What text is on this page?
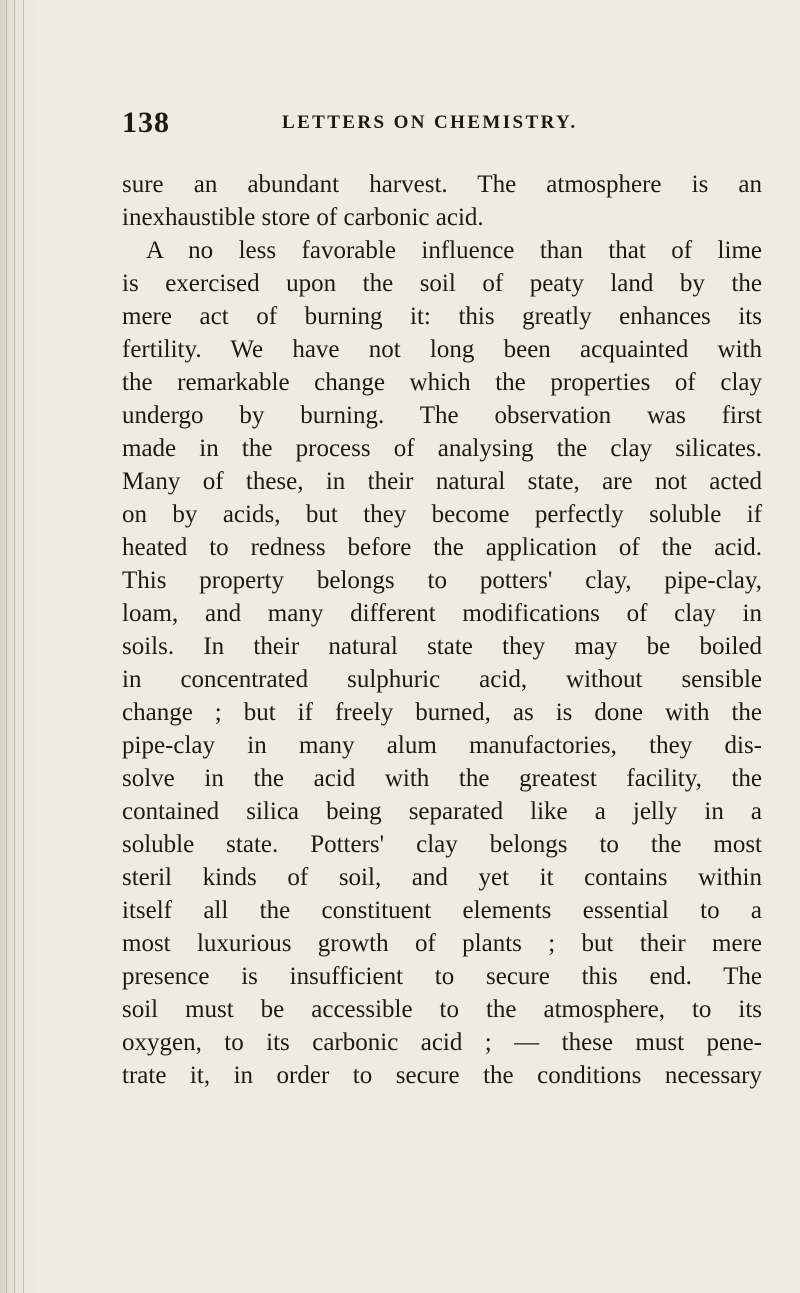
138	LETTERS ON CHEMISTRY.
sure an abundant harvest. The atmosphere is an
inexhaustible store of carbonic acid.
A no less favorable influence than that of lime
is exercised upon the soil of peaty land by the
mere act of burning it: this greatly enhances its
fertility. We have not long been acquainted with
the remarkable change which the properties of clay
undergo by burning. The observation was first
made in the process of analysing the clay silicates.
Many of these, in their natural state, are not acted
on by acids, but they become perfectly soluble if
heated to redness before the application of the acid.
This property belongs to potters' clay, pipe-clay,
loam, and many different modifications of clay in
soils. In their natural state they may be boiled
in concentrated sulphuric acid, without sensible
change ; but if freely burned, as is done with the
pipe-clay in many alum manufactories, they dis-
solve in the acid with the greatest facility, the
contained silica being separated like a jelly in a
soluble state. Potters' clay belongs to the most
steril kinds of soil, and yet it contains within
itself all the constituent elements essential to a
most luxurious growth of plants ; but their mere
presence is insufficient to secure this end. The
soil must be accessible to the atmosphere, to its
oxygen, to its carbonic acid ; — these must pene-
trate it, in order to secure the conditions necessary
